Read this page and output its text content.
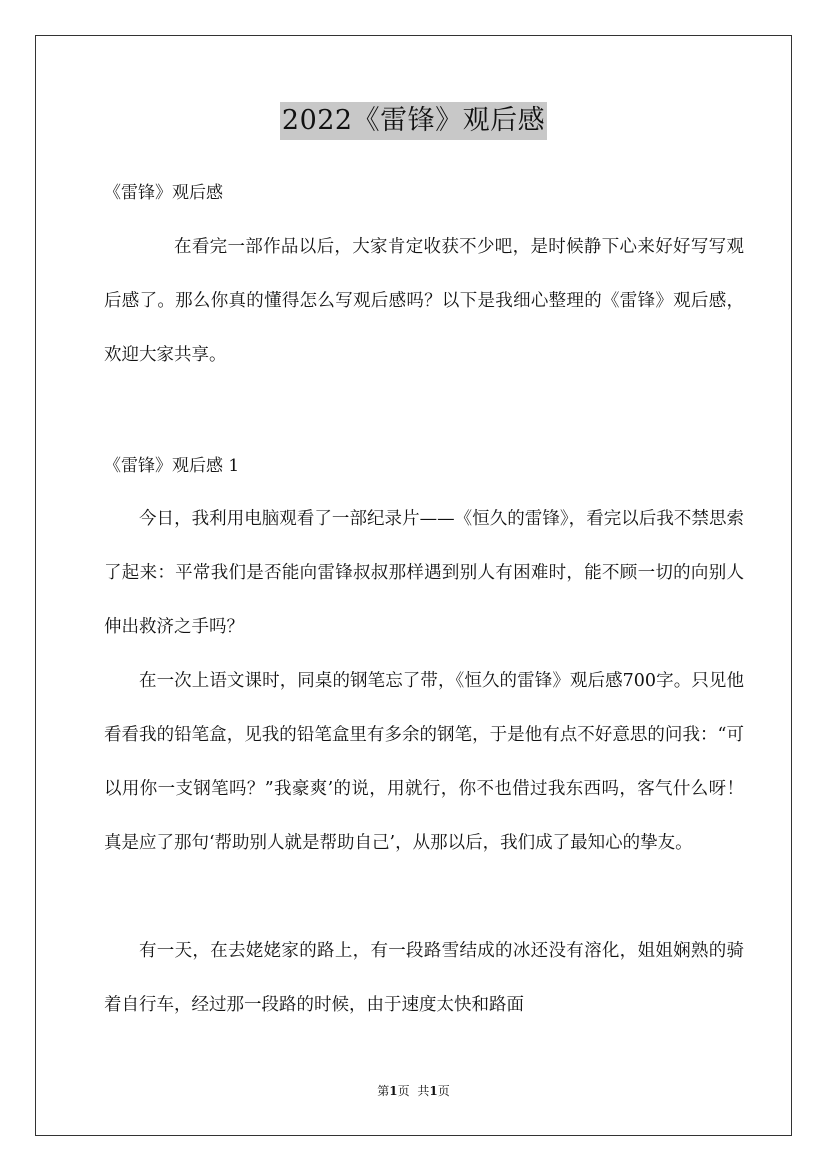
2022《雷锋》观后感
《雷锋》观后感
在看完一部作品以后，大家肯定收获不少吧，是时候静下心来好好写写观后感了。那么你真的懂得怎么写观后感吗？以下是我细心整理的《雷锋》观后感，欢迎大家共享。
《雷锋》观后感 1
今日，我利用电脑观看了一部纪录片——《恒久的雷锋》，看完以后我不禁思索了起来：平常我们是否能向雷锋叔叔那样遇到别人有困难时，能不顾一切的向别人伸出救济之手吗？
在一次上语文课时，同桌的钢笔忘了带，《恒久的雷锋》观后感700字。只见他看看我的铅笔盒，见我的铅笔盒里有多余的钢笔，于是他有点不好意思的问我：“可以用你一支钢笔吗？”我豪爽’的说，用就行，你不也借过我东西吗，客气什么呀！真是应了那句‘帮助别人就是帮助自己’，从那以后，我们成了最知心的挚友。
有一天，在去姥姥家的路上，有一段路雪结成的冰还没有溶化，姐姐娴熟的骑着自行车，经过那一段路的时候，由于速度太快和路面
第1页 共1页
